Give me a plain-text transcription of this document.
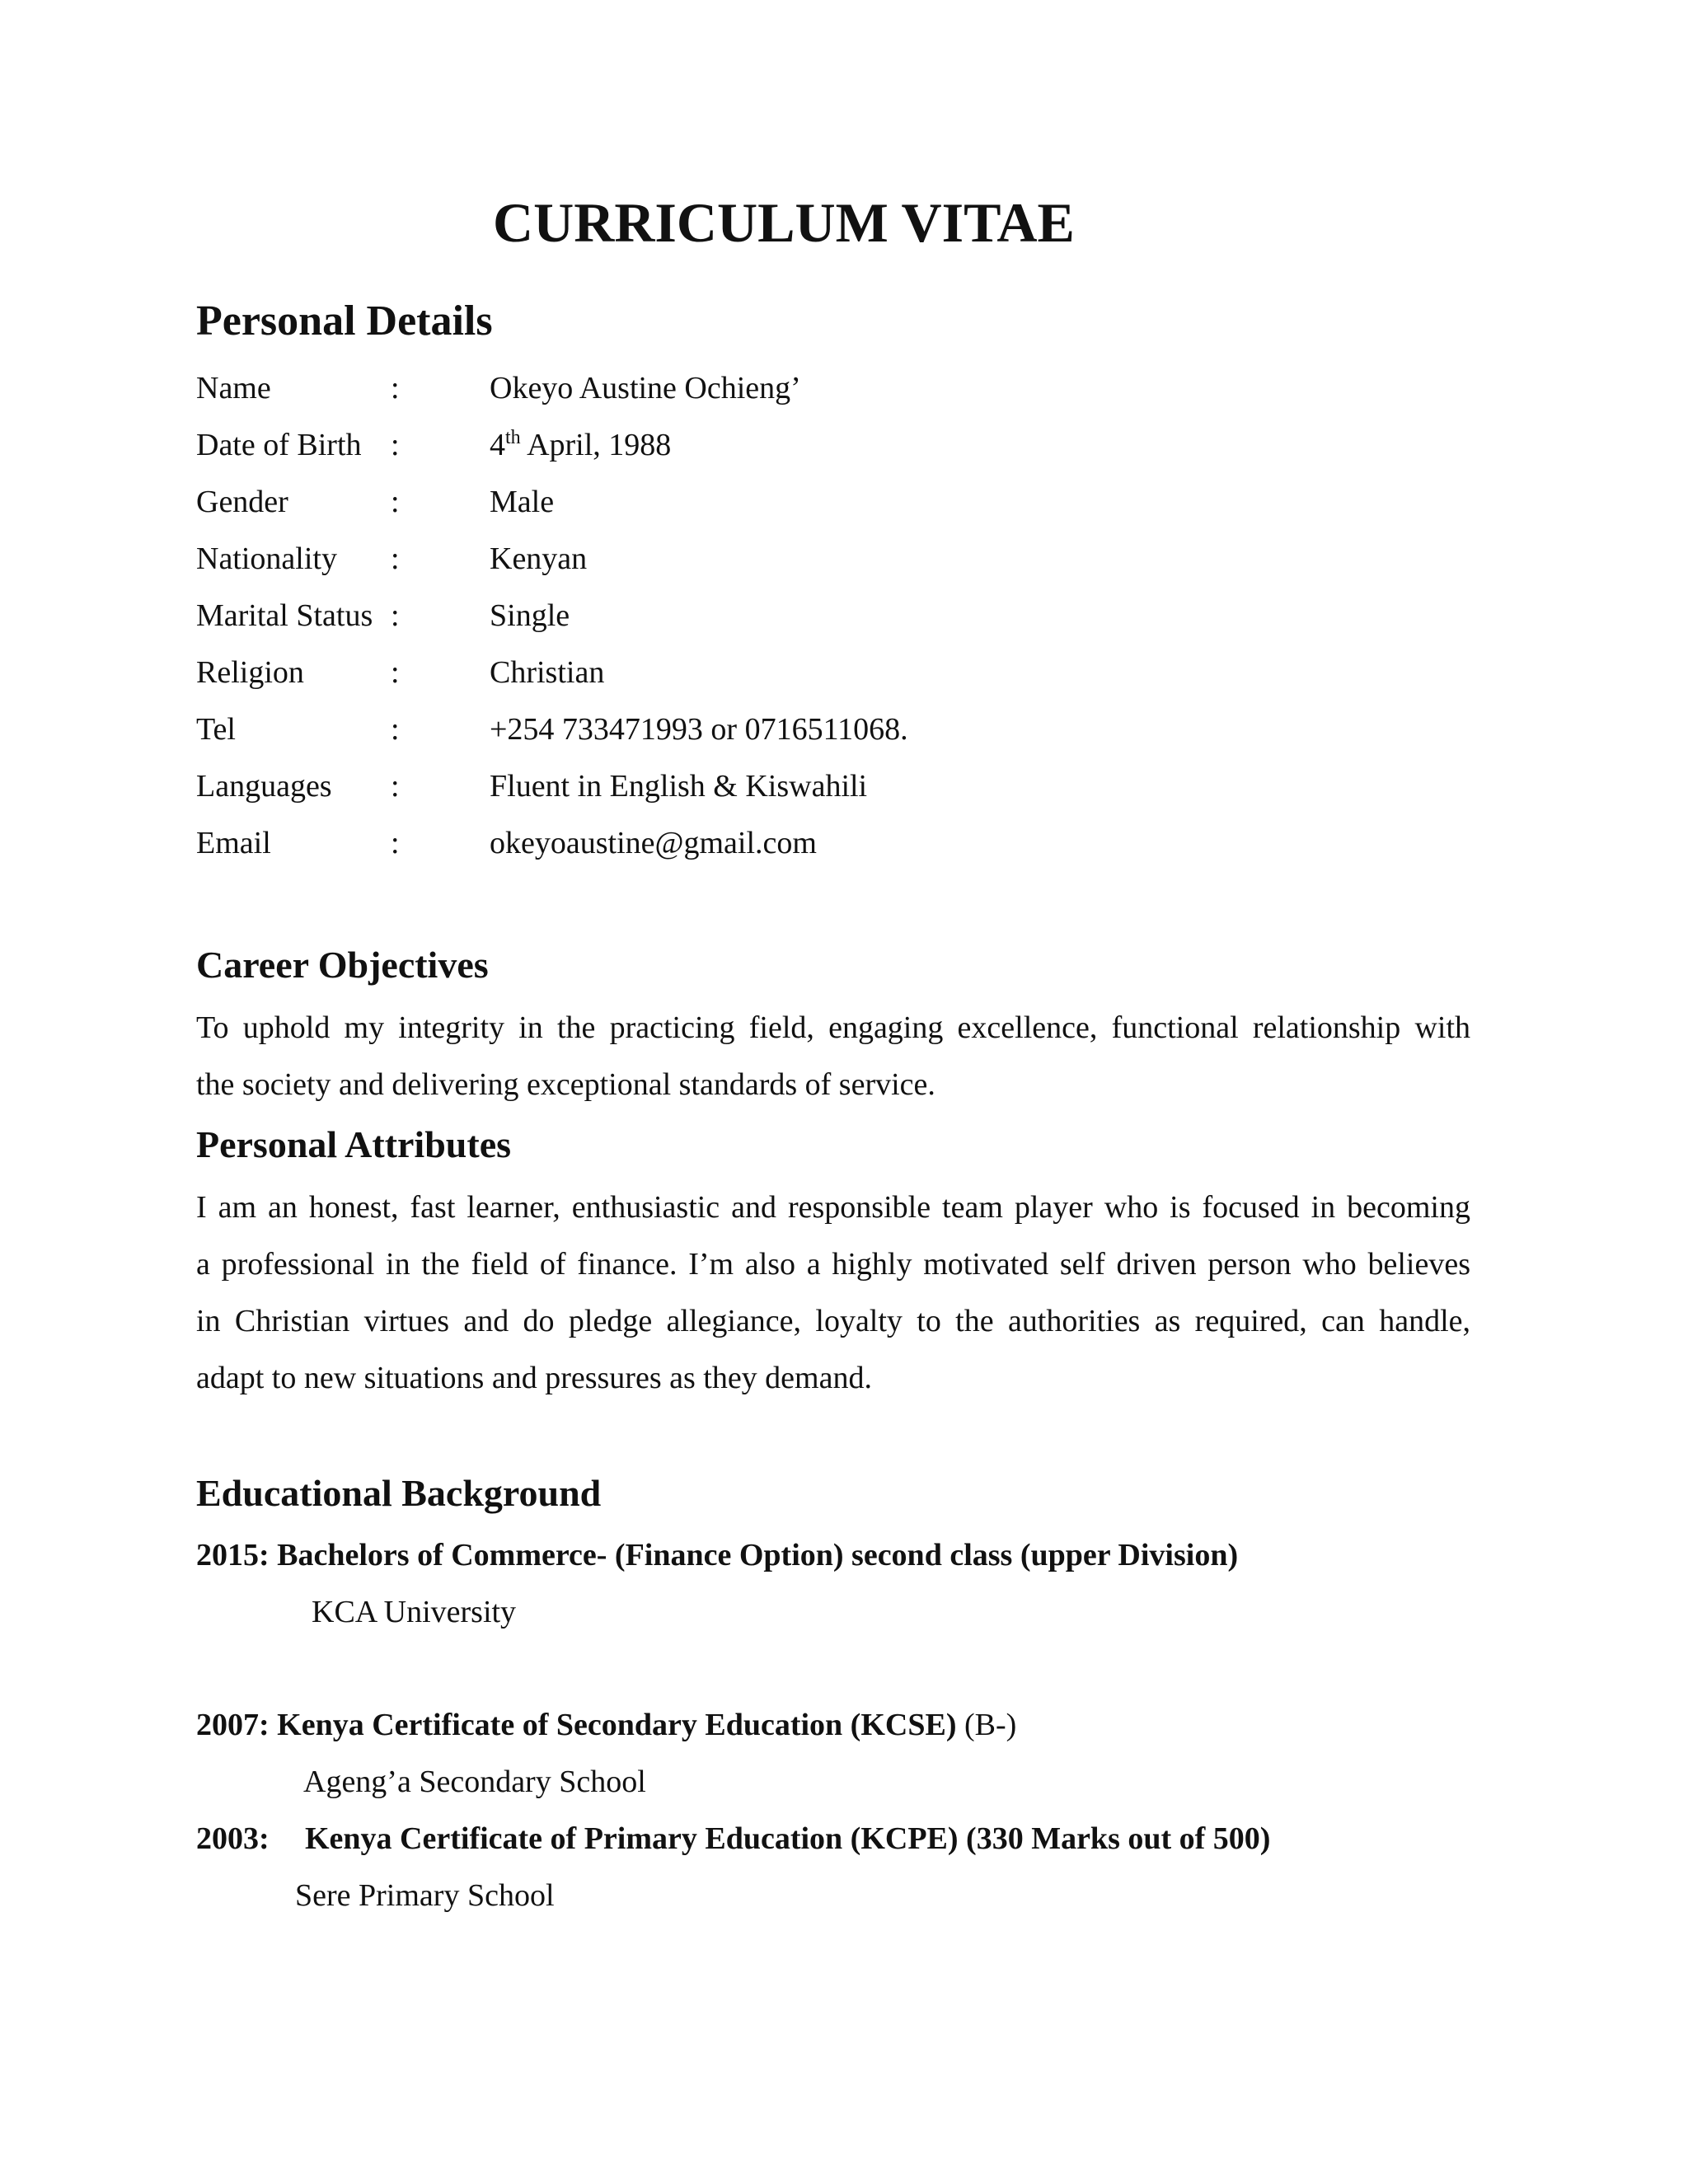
CURRICULUM VITAE
Personal Details
Name	:	Okeyo Austine Ochieng’
Date of Birth :	4th April, 1988
Gender	:	Male
Nationality :	Kenyan
Marital Status :	Single
Religion	:	Christian
Tel	:	+254 733471993 or 0716511068.
Languages :	Fluent in English & Kiswahili
Email	:	okeyoaustine@gmail.com
Career Objectives
To uphold my integrity in the practicing field, engaging excellence, functional relationship with
the society and delivering exceptional standards of service.
Personal Attributes
I am an honest, fast learner, enthusiastic and responsible team player who is focused in becoming
a professional in the field of finance. I’m also a highly motivated self driven person who believes
in Christian virtues and do pledge allegiance, loyalty to the authorities as required, can handle,
adapt to new situations and pressures as they demand.
Educational Background
2015: Bachelors of Commerce- (Finance Option) second class (upper Division)
KCA University
2007: Kenya Certificate of Secondary Education (KCSE) (B-)
Ageng’a Secondary School
2003: Kenya Certificate of Primary Education (KCPE) (330 Marks out of 500)
Sere Primary School
